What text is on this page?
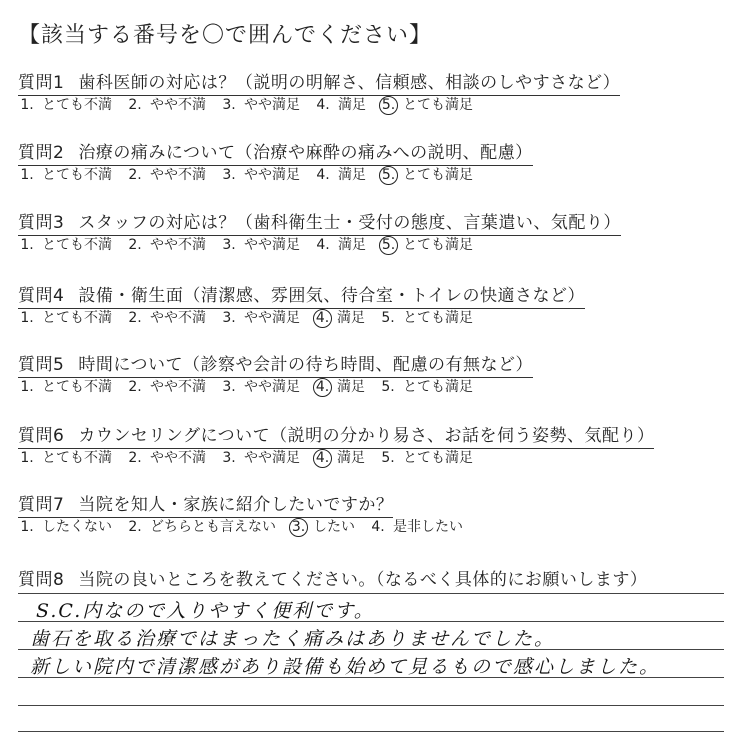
【該当する番号を〇で囲んでください】
質問1 歯科医師の対応は？（説明の明解さ、信頼感、相談のしやすさなど）
1. とても不満 2. やや不満 3. やや満足 4. 満足 5. とても満足
質問2 治療の痛みについて（治療や麻酔の痛みへの説明、配慮）
1. とても不満 2. やや不満 3. やや満足 4. 満足 5. とても満足
質問3 スタッフの対応は？（歯科衛生士・受付の態度、言葉遣い、気配り）
1. とても不満 2. やや不満 3. やや満足 4. 満足 5. とても満足
質問4 設備・衛生面（清潔感、雰囲気、待合室・トイレの快適さなど）
1. とても不満 2. やや不満 3. やや満足 4. 満足 5. とても満足
質問5 時間について（診察や会計の待ち時間、配慮の有無など）
1. とても不満 2. やや不満 3. やや満足 4. 満足 5. とても満足
質問6 カウンセリングについて（説明の分かり易さ、お話を伺う姿勢、気配り）
1. とても不満 2. やや不満 3. やや満足 4. 満足 5. とても満足
質問7 当院を知人・家族に紹介したいですか？
1. したくない 2. どちらとも言えない 3. したい 4. 是非したい
質問8 当院の良いところを教えてください。（なるべく具体的にお願いします）
S.C.内なので入りやすく便利です。
歯石を取る治療ではまったく痛みはありませんでした。
新しい院内で清潔感があり設備も始めて見るもので感心しました。
